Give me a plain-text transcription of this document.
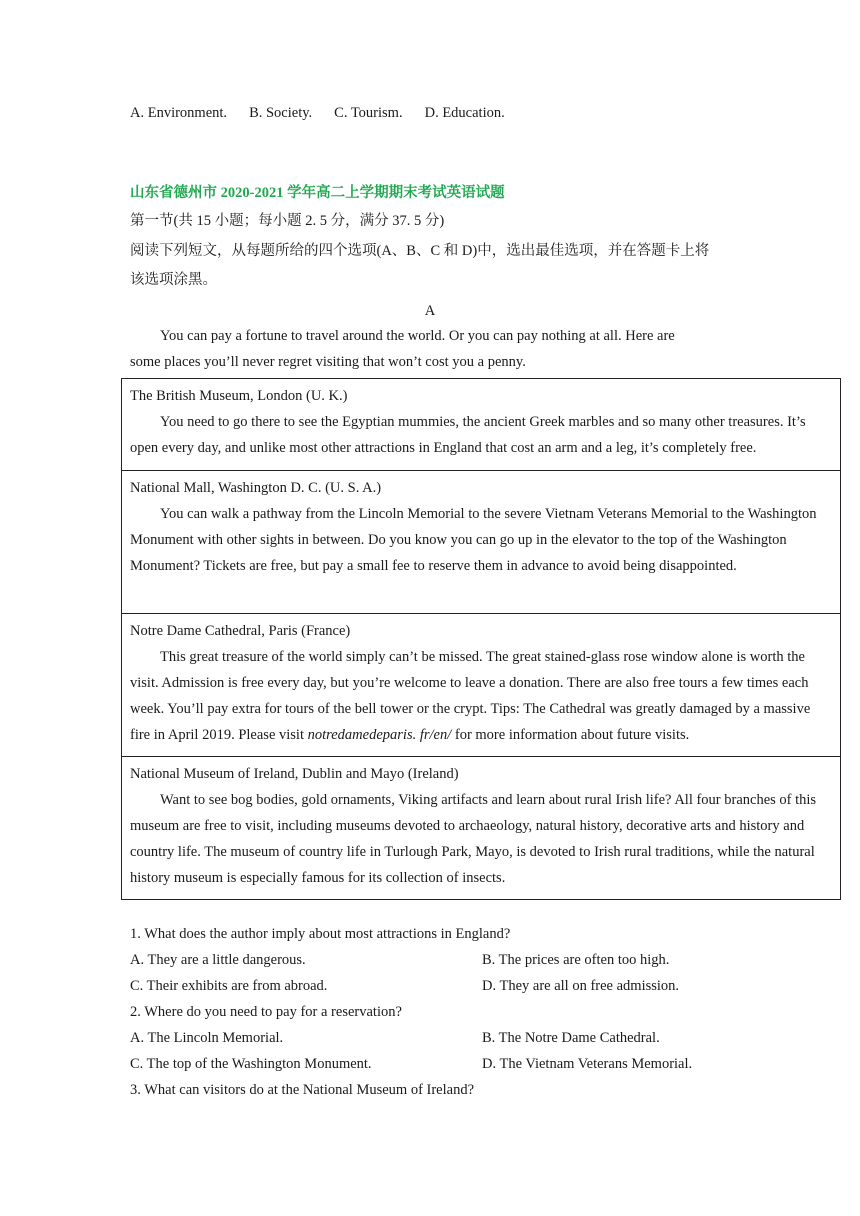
A. Environment. B. Society. C. Tourism. D. Education.
山东省德州市 2020-2021 学年高二上学期期末考试英语试题
第一节(共 15 小题；每小题 2. 5 分，满分 37. 5 分)
阅读下列短文，从每题所给的四个选项(A、B、C 和 D)中，选出最佳选项，并在答题卡上将
该选项涂黑。
A
You can pay a fortune to travel around the world. Or you can pay nothing at all. Here are
some places you’ll never regret visiting that won’t cost you a penny.
The British Museum, London (U. K.)

You need to go there to see the Egyptian mummies, the ancient Greek marbles and so many other treasures. It’s open every day, and unlike most other attractions in England that cost an arm and a leg, it’s completely free.

National Mall, Washington D. C. (U. S. A.)

You can walk a pathway from the Lincoln Memorial to the severe Vietnam Veterans Memorial to the Washington Monument with other sights in between. Do you know you can go up in the elevator to the top of the Washington Monument? Tickets are free, but pay a small fee to reserve them in advance to avoid being disappointed.

Notre Dame Cathedral, Paris (France)

This great treasure of the world simply can’t be missed. The great stained-glass rose window alone is worth the visit. Admission is free every day, but you’re welcome to leave a donation. There are also free tours a few times each week. You’ll pay extra for tours of the bell tower or the crypt. Tips: The Cathedral was greatly damaged by a massive fire in April 2019. Please visit notredamedeparis. fr/en/ for more information about future visits.

National Museum of Ireland, Dublin and Mayo (Ireland)

Want to see bog bodies, gold ornaments, Viking artifacts and learn about rural Irish life? All four branches of this museum are free to visit, including museums devoted to archaeology, natural history, decorative arts and history and country life. The museum of country life in Turlough Park, Mayo, is devoted to Irish rural traditions, while the natural history museum is especially famous for its collection of insects.

1. What does the author imply about most attractions in England?
A. They are a little dangerous.	B. The prices are often too high.
C. Their exhibits are from abroad.	D. They are all on free admission.
2. Where do you need to pay for a reservation?
A. The Lincoln Memorial.	B. The Notre Dame Cathedral.
C. The top of the Washington Monument.	D. The Vietnam Veterans Memorial.
3. What can visitors do at the National Museum of Ireland?
